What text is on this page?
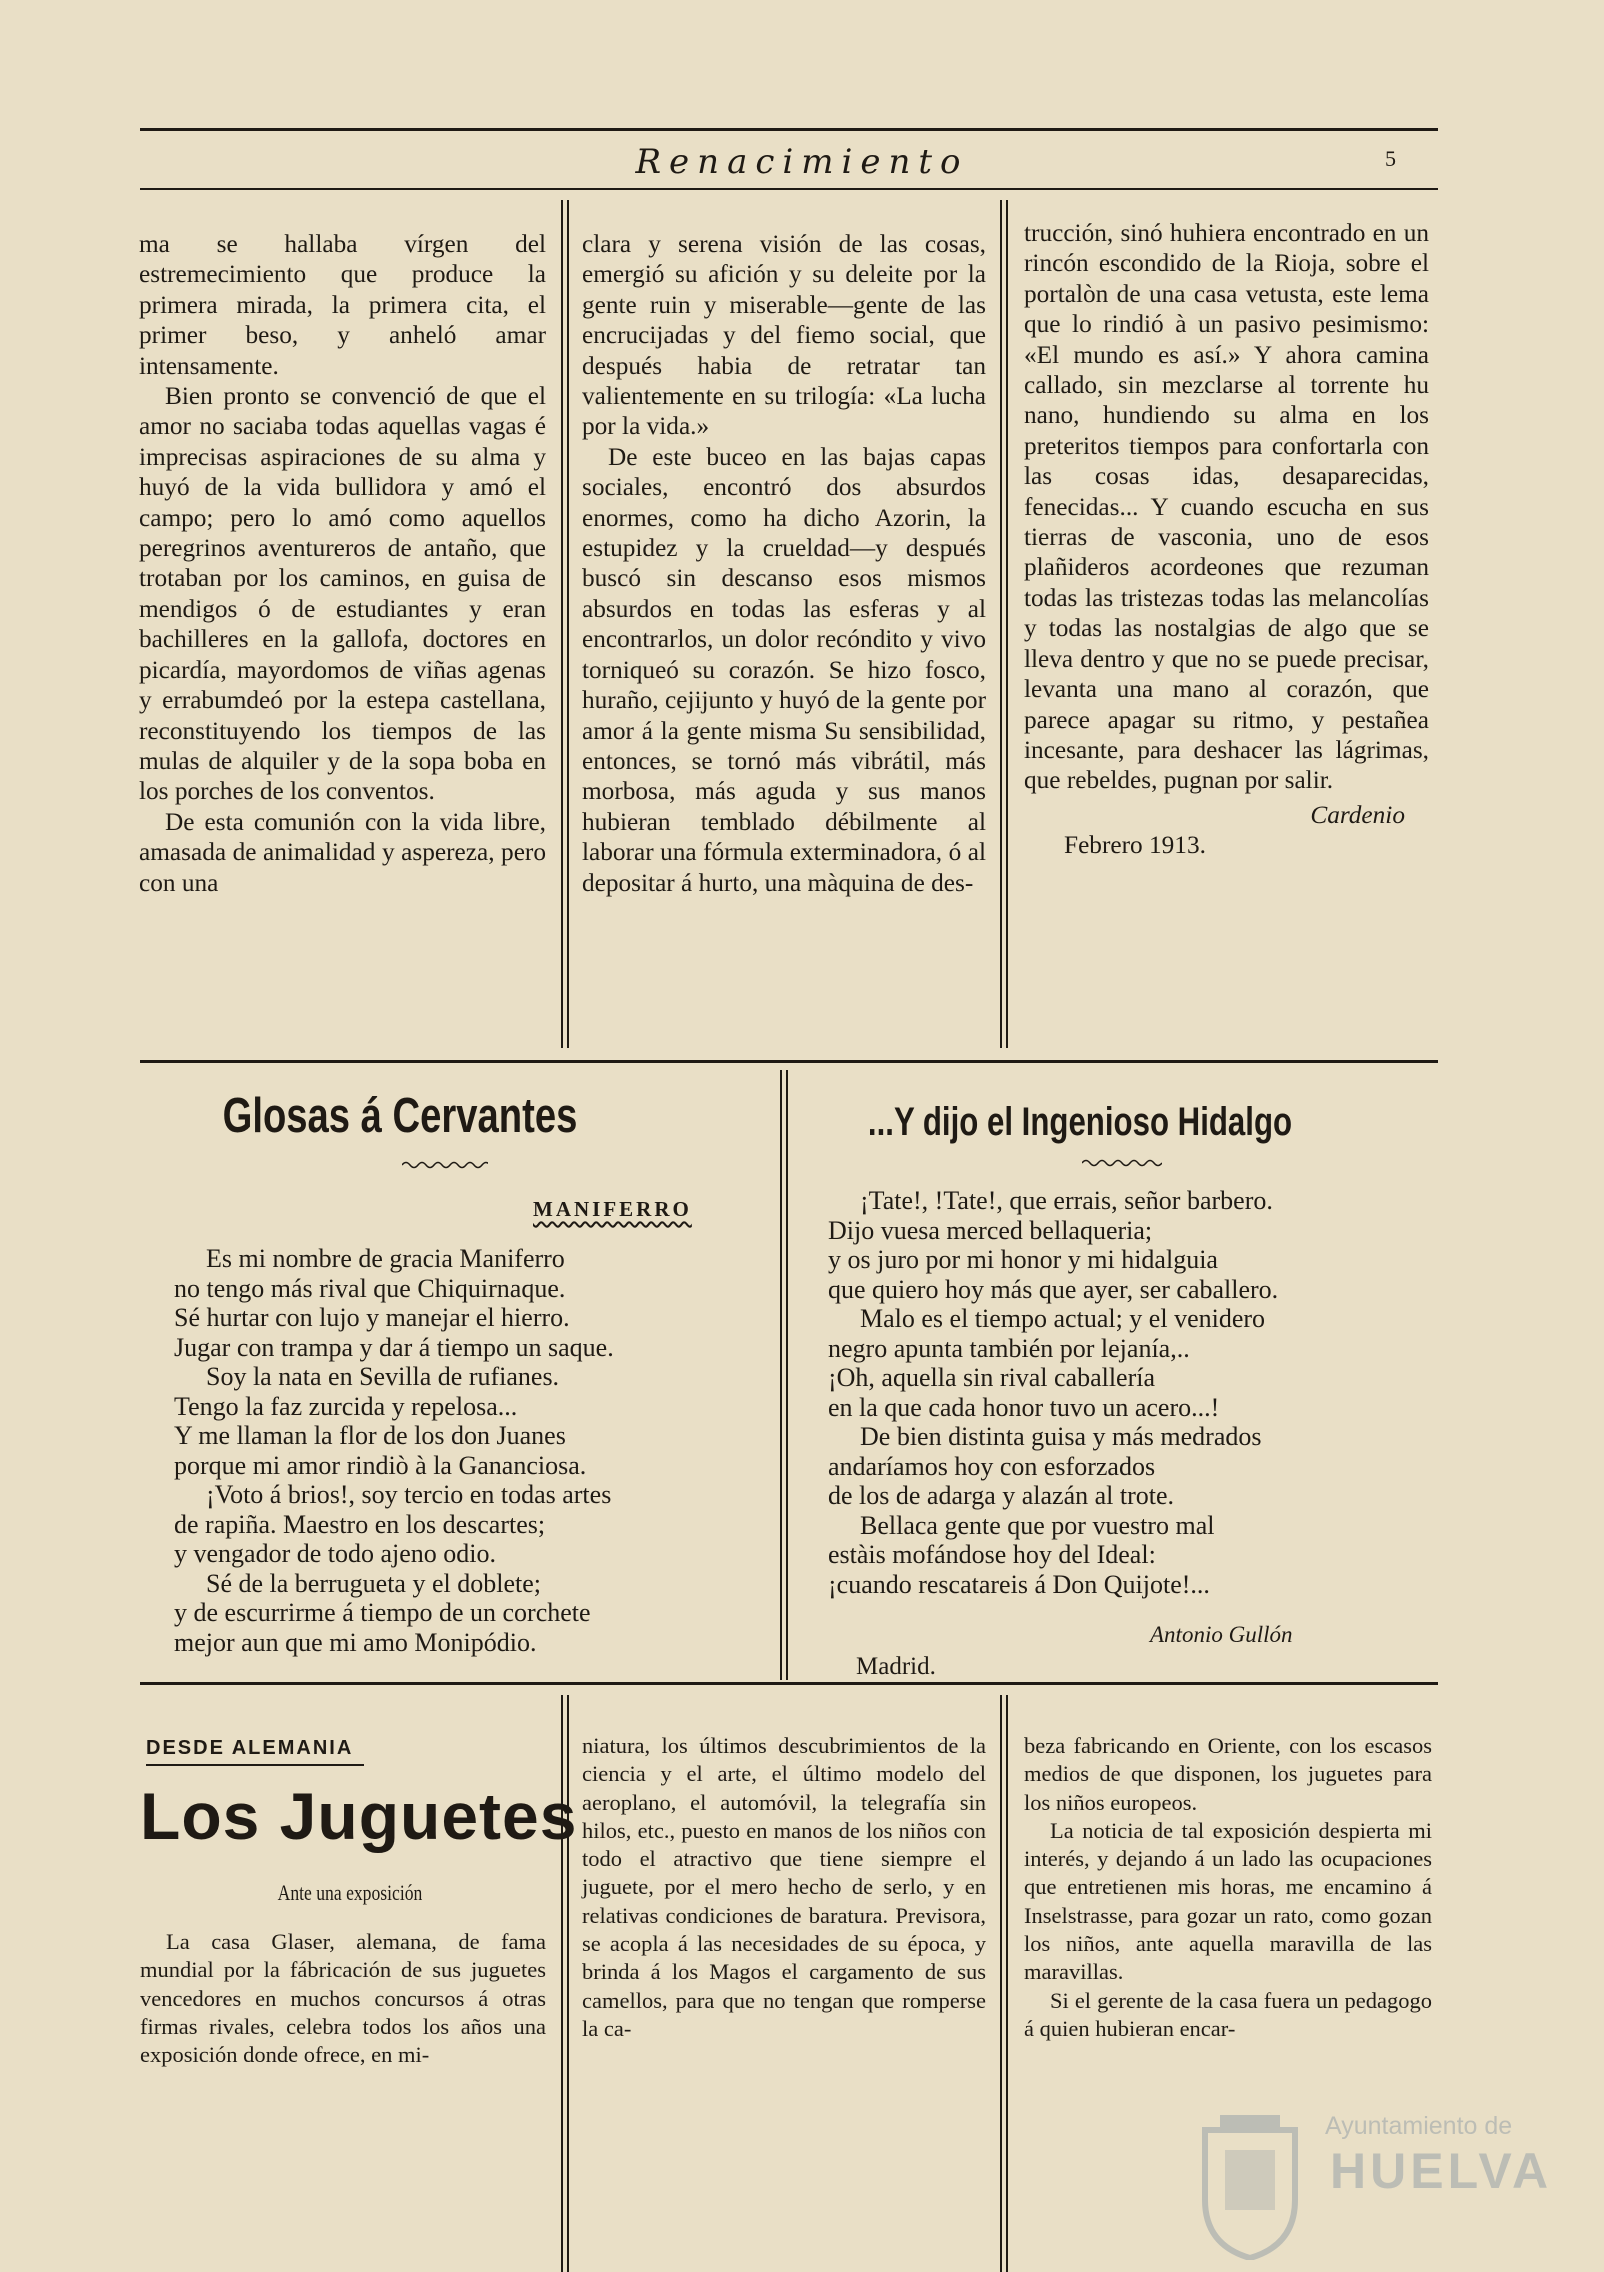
Renacimiento	5

ma se hallaba vírgen del estremecimiento que produce la primera mirada, la primera cita, el primer beso, y anheló amar intensamente.

Bien pronto se convenció de que el amor no saciaba todas aquellas vagas é imprecisas aspiraciones de su alma y huyó de la vida bullidora y amó el campo; pero lo amó como aquellos peregrinos aventureros de antaño, que trotaban por los caminos, en guisa de mendigos ó de estudiantes y eran bachilleres en la gallofa, doctores en picardía, mayordomos de viñas agenas y errabumdeó por la estepa castellana, reconstituyendo los tiempos de las mulas de alquiler y de la sopa boba en los porches de los conventos.

De esta comunión con la vida libre, amasada de animalidad y aspereza, pero con una

clara y serena visión de las cosas, emergió su afición y su deleite por la gente ruin y miserable—gente de las encrucijadas y del fiemo social, que después habia de retratar tan valientemente en su trilogía: «La lucha por la vida.»

De este buceo en las bajas capas sociales, encontró dos absurdos enormes, como ha dicho Azorin, la estupidez y la crueldad—y después buscó sin descanso esos mismos absurdos en todas las esferas y al encontrarlos, un dolor recóndito y vivo torniqueó su corazón. Se hizo fosco, huraño, cejijunto y huyó de la gente por amor á la gente misma Su sensibilidad, entonces, se tornó más vibrátil, más morbosa, más aguda y sus manos hubieran temblado débilmente al laborar una fórmula exterminadora, ó al depositar á hurto, una màquina de des-

trucción, sinó huhiera encontrado en un rincón escondido de la Rioja, sobre el portalòn de una casa vetusta, este lema que lo rindió à un pasivo pesimismo: «El mundo es así.» Y ahora camina callado, sin mezclarse al torrente hu nano, hundiendo su alma en los preteritos tiempos para confortarla con las cosas idas, desaparecidas, fenecidas... Y cuando escucha en sus tierras de vasconia, uno de esos plañideros acordeones que rezuman todas las tristezas todas las melancolías y todas las nostalgias de algo que se lleva dentro y que no se puede precisar, levanta una mano al corazón, que parece apagar su ritmo, y pestañea incesante, para deshacer las lágrimas, que rebeldes, pugnan por salir.

Cardenio

Febrero 1913.

Glosas á Cervantes
MANIFERRO
Es mi nombre de gracia Maniferro
no tengo más rival que Chiquirnaque.
Sé hurtar con lujo y manejar el hierro.
Jugar con trampa y dar á tiempo un saque.
Soy la nata en Sevilla de rufianes.
Tengo la faz zurcida y repelosa...
Y me llaman la flor de los don Juanes
porque mi amor rindiò à la Gananciosa.
¡Voto á brios!, soy tercio en todas artes
de rapiña. Maestro en los descartes;
y vengador de todo ajeno odio.
Sé de la berrugueta y el doblete;
y de escurrirme á tiempo de un corchete
mejor aun que mi amo Monipódio.
...Y dijo el Ingenioso Hidalgo
¡Tate!, !Tate!, que errais, señor barbero.
Dijo vuesa merced bellaqueria;
y os juro por mi honor y mi hidalguia
que quiero hoy más que ayer, ser caballero.
Malo es el tiempo actual; y el venidero
negro apunta también por lejanía,..
¡Oh, aquella sin rival caballería
en la que cada honor tuvo un acero...!
De bien distinta guisa y más medrados
andaríamos hoy con esforzados
de los de adarga y alazán al trote.
Bellaca gente que por vuestro mal
estàis mofándose hoy del Ideal:
¡cuando rescatareis á Don Quijote!...
Antonio Gullón
Madrid.
DESDE ALEMANIA
Los Juguetes
Ante una exposición

La casa Glaser, alemana, de fama mundial por la fábricación de sus juguetes vencedores en muchos concursos á otras firmas rivales, celebra todos los años una exposición donde ofrece, en mi-

niatura, los últimos descubrimientos de la ciencia y el arte, el último modelo del aeroplano, el automóvil, la telegrafía sin hilos, etc., puesto en manos de los niños con todo el atractivo que tiene siempre el juguete, por el mero hecho de serlo, y en relativas condiciones de baratura. Previsora, se acopla á las necesidades de su época, y brinda á los Magos el cargamento de sus camellos, para que no tengan que romperse la ca-

beza fabricando en Oriente, con los escasos medios de que disponen, los juguetes para los niños europeos.

La noticia de tal exposición despierta mi interés, y dejando á un lado las ocupaciones que entretienen mis horas, me encamino á Inselstrasse, para gozar un rato, como gozan los niños, ante aquella maravilla de las maravillas.

Si el gerente de la casa fuera un pedagogo á quien hubieran encar-

Ayuntamiento de
HUELVA
